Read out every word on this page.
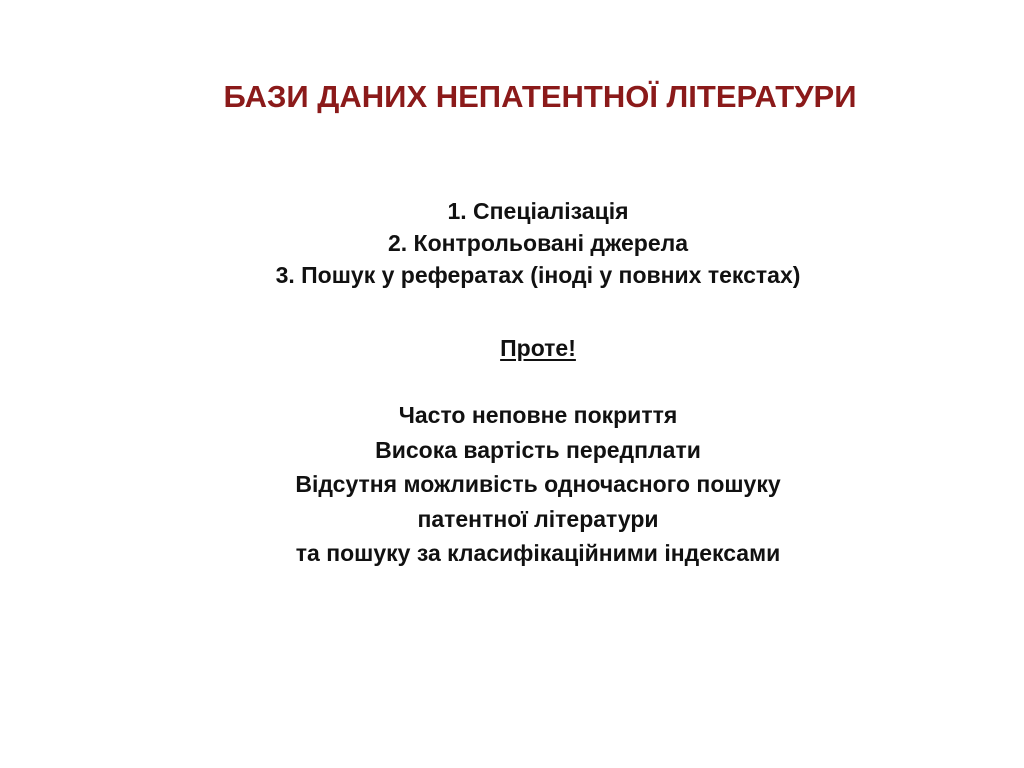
БАЗИ ДАНИХ НЕПАТЕНТНОЇ ЛІТЕРАТУРИ
1. Спеціалізація
2. Контрольовані джерела
3. Пошук у рефератах (іноді у повних текстах)
Проте!
Часто неповне покриття
Висока вартість передплати
Відсутня можливість одночасного пошуку
патентної літератури
та пошуку за класифікаційними індексами
